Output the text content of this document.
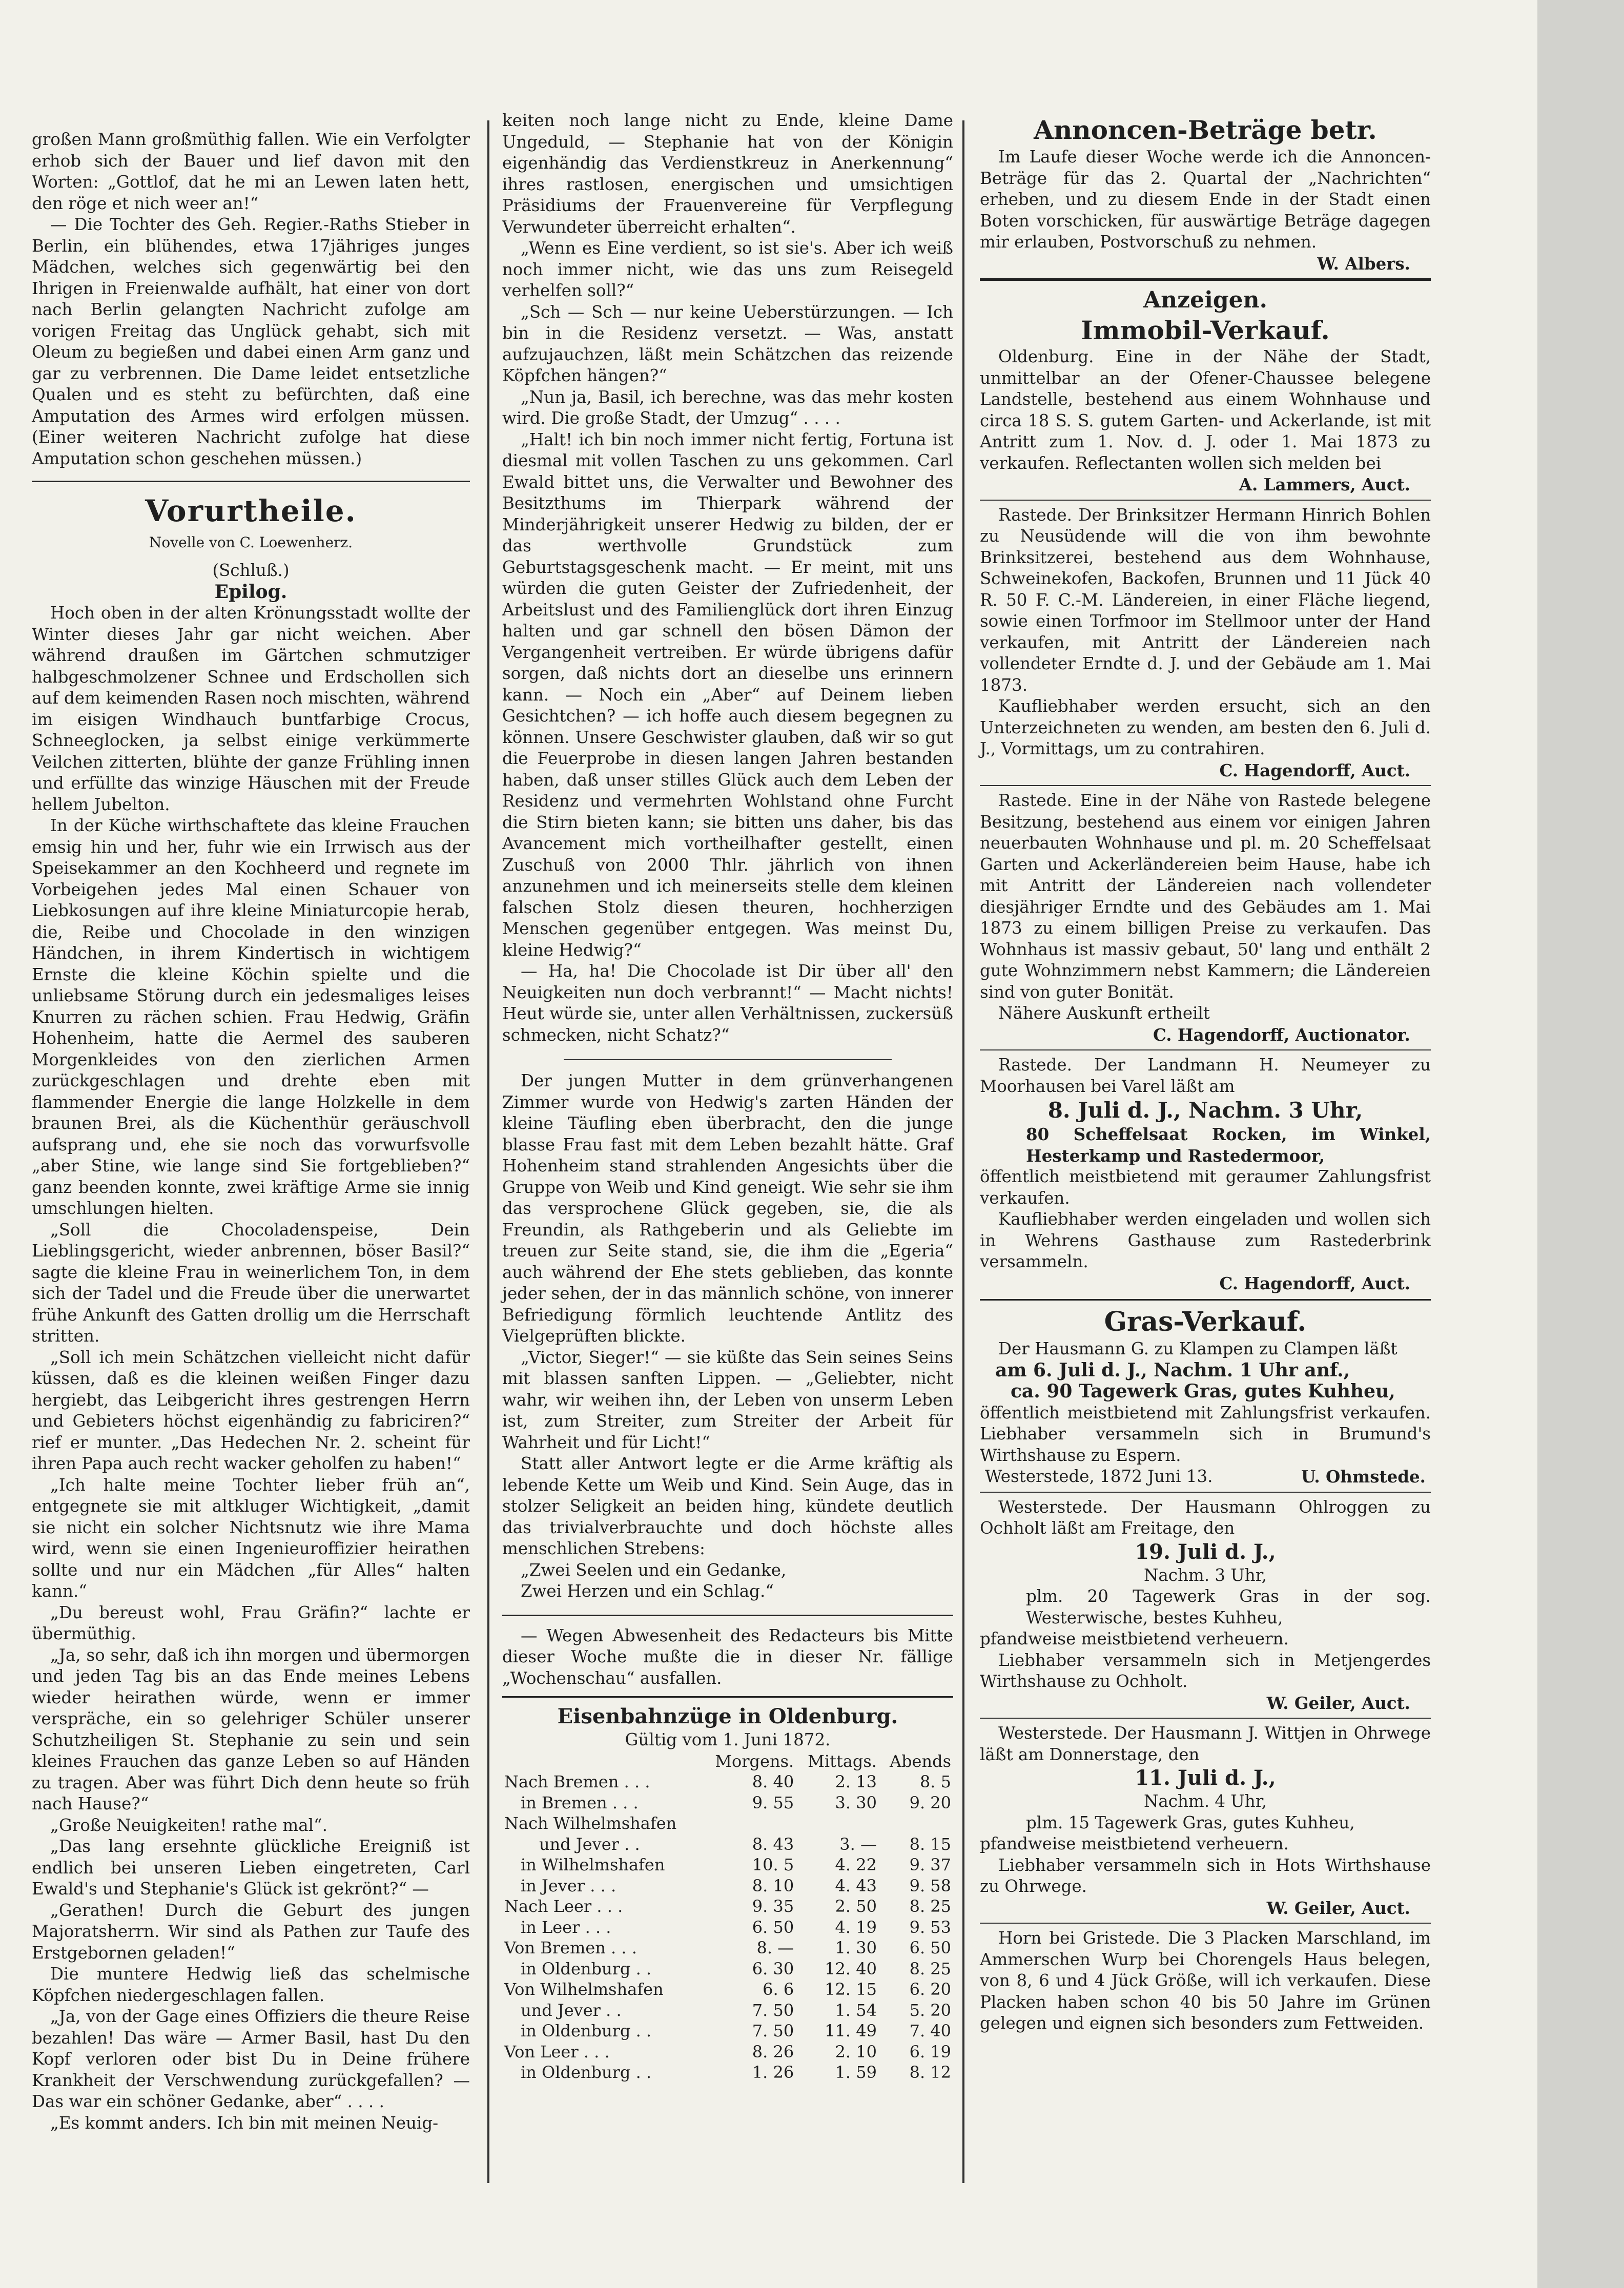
großen Mann großmüthig fallen. Wie ein Verfolgter erhob sich der Bauer und lief davon mit den Worten: „Gottlof, dat he mi an Lewen laten hett, den röge et nich weer an!“

— Die Tochter des Geh. Regier.-Raths Stieber in Berlin, ein blühendes, etwa 17jähriges junges Mädchen, welches sich gegenwärtig bei den Ihrigen in Freienwalde aufhält, hat einer von dort nach Berlin gelangten Nachricht zufolge am vorigen Freitag das Unglück gehabt, sich mit Oleum zu begießen und dabei einen Arm ganz und gar zu verbrennen. Die Dame leidet entsetzliche Qualen und es steht zu befürchten, daß eine Amputation des Armes wird erfolgen müssen. (Einer weiteren Nachricht zufolge hat diese Amputation schon geschehen müssen.)

Vorurtheile.
Novelle von C. Loewenherz.
(Schluß.)
Epilog.

Hoch oben in der alten Krönungsstadt wollte der Winter dieses Jahr gar nicht weichen. Aber während draußen im Gärtchen schmutziger halbgeschmolzener Schnee und Erdschollen sich auf dem keimenden Rasen noch mischten, während im eisigen Windhauch buntfarbige Crocus, Schneeglocken, ja selbst einige verkümmerte Veilchen zitterten, blühte der ganze Frühling innen und erfüllte das winzige Häuschen mit der Freude hellem Jubelton.

In der Küche wirthschaftete das kleine Frauchen emsig hin und her, fuhr wie ein Irrwisch aus der Speisekammer an den Kochheerd und regnete im Vorbeigehen jedes Mal einen Schauer von Liebkosungen auf ihre kleine Miniaturcopie herab, die, Reibe und Chocolade in den winzigen Händchen, in ihrem Kindertisch in wichtigem Ernste die kleine Köchin spielte und die unliebsame Störung durch ein jedesmaliges leises Knurren zu rächen schien. Frau Hedwig, Gräfin Hohenheim, hatte die Aermel des sauberen Morgenkleides von den zierlichen Armen zurückgeschlagen und drehte eben mit flammender Energie die lange Holzkelle in dem braunen Brei, als die Küchenthür geräuschvoll aufsprang und, ehe sie noch das vorwurfsvolle „aber Stine, wie lange sind Sie fortgeblieben?“ ganz beenden konnte, zwei kräftige Arme sie innig umschlungen hielten.

„Soll die Chocoladenspeise, Dein Lieblingsgericht, wieder anbrennen, böser Basil?“ sagte die kleine Frau in weinerlichem Ton, in dem sich der Tadel und die Freude über die unerwartet frühe Ankunft des Gatten drollig um die Herrschaft stritten.

„Soll ich mein Schätzchen vielleicht nicht dafür küssen, daß es die kleinen weißen Finger dazu hergiebt, das Leibgericht ihres gestrengen Herrn und Gebieters höchst eigenhändig zu fabriciren?“ rief er munter. „Das Hedechen Nr. 2. scheint für ihren Papa auch recht wacker geholfen zu haben!“

„Ich halte meine Tochter lieber früh an“, entgegnete sie mit altkluger Wichtigkeit, „damit sie nicht ein solcher Nichtsnutz wie ihre Mama wird, wenn sie einen Ingenieuroffizier heirathen sollte und nur ein Mädchen „für Alles“ halten kann.“

„Du bereust wohl, Frau Gräfin?“ lachte er übermüthig.

„Ja, so sehr, daß ich ihn morgen und übermorgen und jeden Tag bis an das Ende meines Lebens wieder heirathen würde, wenn er immer verspräche, ein so gelehriger Schüler unserer Schutzheiligen St. Stephanie zu sein und sein kleines Frauchen das ganze Leben so auf Händen zu tragen. Aber was führt Dich denn heute so früh nach Hause?“

„Große Neuigkeiten! rathe mal“.

„Das lang ersehnte glückliche Ereigniß ist endlich bei unseren Lieben eingetreten, Carl Ewald's und Stephanie's Glück ist gekrönt?“ —

„Gerathen! Durch die Geburt des jungen Majoratsherrn. Wir sind als Pathen zur Taufe des Erstgebornen geladen!“

Die muntere Hedwig ließ das schelmische Köpfchen niedergeschlagen fallen.

„Ja, von der Gage eines Offiziers die theure Reise bezahlen! Das wäre — Armer Basil, hast Du den Kopf verloren oder bist Du in Deine frühere Krankheit der Verschwendung zurückgefallen? — Das war ein schöner Gedanke, aber“ . . . .

„Es kommt anders. Ich bin mit meinen Neuig-

keiten noch lange nicht zu Ende, kleine Dame Ungeduld, — Stephanie hat von der Königin eigenhändig das Verdienstkreuz in Anerkennung“ ihres rastlosen, energischen und umsichtigen Präsidiums der Frauenvereine für Verpflegung Verwundeter überreicht erhalten“.

„Wenn es Eine verdient, so ist sie's. Aber ich weiß noch immer nicht, wie das uns zum Reisegeld verhelfen soll?“

„Sch — Sch — nur keine Ueberstürzungen. — Ich bin in die Residenz versetzt. — Was, anstatt aufzujauchzen, läßt mein Schätzchen das reizende Köpfchen hängen?“

„Nun ja, Basil, ich berechne, was das mehr kosten wird. Die große Stadt, der Umzug“ . . . .

„Halt! ich bin noch immer nicht fertig, Fortuna ist diesmal mit vollen Taschen zu uns gekommen. Carl Ewald bittet uns, die Verwalter und Bewohner des Besitzthums im Thierpark während der Minderjährigkeit unserer Hedwig zu bilden, der er das werthvolle Grundstück zum Geburtstagsgeschenk macht. — Er meint, mit uns würden die guten Geister der Zufriedenheit, der Arbeitslust und des Familienglück dort ihren Einzug halten und gar schnell den bösen Dämon der Vergangenheit vertreiben. Er würde übrigens dafür sorgen, daß nichts dort an dieselbe uns erinnern kann. — Noch ein „Aber“ auf Deinem lieben Gesichtchen? — ich hoffe auch diesem begegnen zu können. Unsere Geschwister glauben, daß wir so gut die Feuerprobe in diesen langen Jahren bestanden haben, daß unser stilles Glück auch dem Leben der Residenz und vermehrten Wohlstand ohne Furcht die Stirn bieten kann; sie bitten uns daher, bis das Avancement mich vortheilhafter gestellt, einen Zuschuß von 2000 Thlr. jährlich von ihnen anzunehmen und ich meinerseits stelle dem kleinen falschen Stolz diesen theuren, hochherzigen Menschen gegenüber entgegen. Was meinst Du, kleine Hedwig?“

— Ha, ha! Die Chocolade ist Dir über all' den Neuigkeiten nun doch verbrannt!“ — Macht nichts! Heut würde sie, unter allen Verhältnissen, zuckersüß schmecken, nicht Schatz?“

Der jungen Mutter in dem grünverhangenen Zimmer wurde von Hedwig's zarten Händen der kleine Täufling eben überbracht, den die junge blasse Frau fast mit dem Leben bezahlt hätte. Graf Hohenheim stand strahlenden Angesichts über die Gruppe von Weib und Kind geneigt. Wie sehr sie ihm das versprochene Glück gegeben, sie, die als Freundin, als Rathgeberin und als Geliebte im treuen zur Seite stand, sie, die ihm die „Egeria“ auch während der Ehe stets geblieben, das konnte jeder sehen, der in das männlich schöne, von innerer Befriedigung förmlich leuchtende Antlitz des Vielgeprüften blickte.

„Victor, Sieger!“ — sie küßte das Sein seines Seins mit blassen sanften Lippen. — „Geliebter, nicht wahr, wir weihen ihn, der Leben von unserm Leben ist, zum Streiter, zum Streiter der Arbeit für Wahrheit und für Licht!“

Statt aller Antwort legte er die Arme kräftig als lebende Kette um Weib und Kind. Sein Auge, das in stolzer Seligkeit an beiden hing, kündete deutlich das trivialverbrauchte und doch höchste alles menschlichen Strebens:

„Zwei Seelen und ein Gedanke,

Zwei Herzen und ein Schlag.“

— Wegen Abwesenheit des Redacteurs bis Mitte dieser Woche mußte die in dieser Nr. fällige „Wochenschau“ ausfallen.

Eisenbahnzüge in Oldenburg.
Gültig vom 1. Juni 1872.
	Morgens.	Mittags.	Abends
Nach Bremen . . .	8. 40	2. 13	8. 5
in Bremen . . .	9. 55	3. 30	9. 20
Nach Wilhelmshafen			
und Jever . .	8. 43	3. —	8. 15
in Wilhelmshafen	10. 5	4. 22	9. 37
in Jever . . .	8. 10	4. 43	9. 58
Nach Leer . . .	9. 35	2. 50	8. 25
in Leer . . .	6. 50	4. 19	9. 53
Von Bremen . . .	8. —	1. 30	6. 50
in Oldenburg . .	6. 30	12. 40	8. 25
Von Wilhelmshafen	6. 6	12. 15	6. 20
und Jever . .	7. 50	1. 54	5. 20
in Oldenburg . .	7. 50	11. 49	7. 40
Von Leer . . .	8. 26	2. 10	6. 19
in Oldenburg . .	1. 26	1. 59	8. 12
Annoncen-Beträge betr.

Im Laufe dieser Woche werde ich die Annoncen-Beträge für das 2. Quartal der „Nachrichten“ erheben, und zu diesem Ende in der Stadt einen Boten vorschicken, für auswärtige Beträge dagegen mir erlauben, Postvorschuß zu nehmen.

W. Albers.
Anzeigen.
Immobil-Verkauf.

Oldenburg. Eine in der Nähe der Stadt, unmittelbar an der Ofener-Chaussee belegene Landstelle, bestehend aus einem Wohnhause und circa 18 S. S. gutem Garten- und Ackerlande, ist mit Antritt zum 1. Nov. d. J. oder 1. Mai 1873 zu verkaufen. Reflectanten wollen sich melden bei

A. Lammers, Auct.

Rastede. Der Brinksitzer Hermann Hinrich Bohlen zu Neusüdende will die von ihm bewohnte Brinksitzerei, bestehend aus dem Wohnhause, Schweinekofen, Backofen, Brunnen und 11 Jück 40 R. 50 F. C.-M. Ländereien, in einer Fläche liegend, sowie einen Torfmoor im Stellmoor unter der Hand verkaufen, mit Antritt der Ländereien nach vollendeter Erndte d. J. und der Gebäude am 1. Mai 1873.

Kaufliebhaber werden ersucht, sich an den Unterzeichneten zu wenden, am besten den 6. Juli d. J., Vormittags, um zu contrahiren.

C. Hagendorff, Auct.

Rastede. Eine in der Nähe von Rastede belegene Besitzung, bestehend aus einem vor einigen Jahren neuerbauten Wohnhause und pl. m. 20 Scheffelsaat Garten und Ackerländereien beim Hause, habe ich mit Antritt der Ländereien nach vollendeter diesjähriger Erndte und des Gebäudes am 1. Mai 1873 zu einem billigen Preise zu verkaufen. Das Wohnhaus ist massiv gebaut, 50' lang und enthält 2 gute Wohnzimmern nebst Kammern; die Ländereien sind von guter Bonität.

Nähere Auskunft ertheilt

C. Hagendorff, Auctionator.

Rastede. Der Landmann H. Neumeyer zu Moorhausen bei Varel läßt am

8. Juli d. J., Nachm. 3 Uhr,

80 Scheffelsaat Rocken, im Winkel, Hesterkamp und Rastedermoor,

öffentlich meistbietend mit geraumer Zahlungsfrist verkaufen.

Kaufliebhaber werden eingeladen und wollen sich in Wehrens Gasthause zum Rastederbrink versammeln.

C. Hagendorff, Auct.
Gras-Verkauf.

Der Hausmann G. zu Klampen zu Clampen läßt

am 6. Juli d. J., Nachm. 1 Uhr anf.,
ca. 90 Tagewerk Gras, gutes Kuhheu,

öffentlich meistbietend mit Zahlungsfrist verkaufen. Liebhaber versammeln sich in Brumund's Wirthshause zu Espern.

Westerstede, 1872 Juni 13.	U. Ohmstede.

Westerstede. Der Hausmann Ohlroggen zu Ochholt läßt am Freitage, den

19. Juli d. J.,
Nachm. 3 Uhr,

plm. 20 Tagewerk Gras in der sog. Westerwische, bestes Kuhheu,

pfandweise meistbietend verheuern.

Liebhaber versammeln sich in Metjengerdes Wirthshause zu Ochholt.

W. Geiler, Auct.

Westerstede. Der Hausmann J. Wittjen in Ohrwege läßt am Donnerstage, den

11. Juli d. J.,
Nachm. 4 Uhr,

plm. 15 Tagewerk Gras, gutes Kuhheu,

pfandweise meistbietend verheuern.

Liebhaber versammeln sich in Hots Wirthshause zu Ohrwege.

W. Geiler, Auct.

Horn bei Gristede. Die 3 Placken Marschland, im Ammerschen Wurp bei Chorengels Haus belegen, von 8, 6 und 4 Jück Größe, will ich verkaufen. Diese Placken haben schon 40 bis 50 Jahre im Grünen gelegen und eignen sich besonders zum Fettweiden.
